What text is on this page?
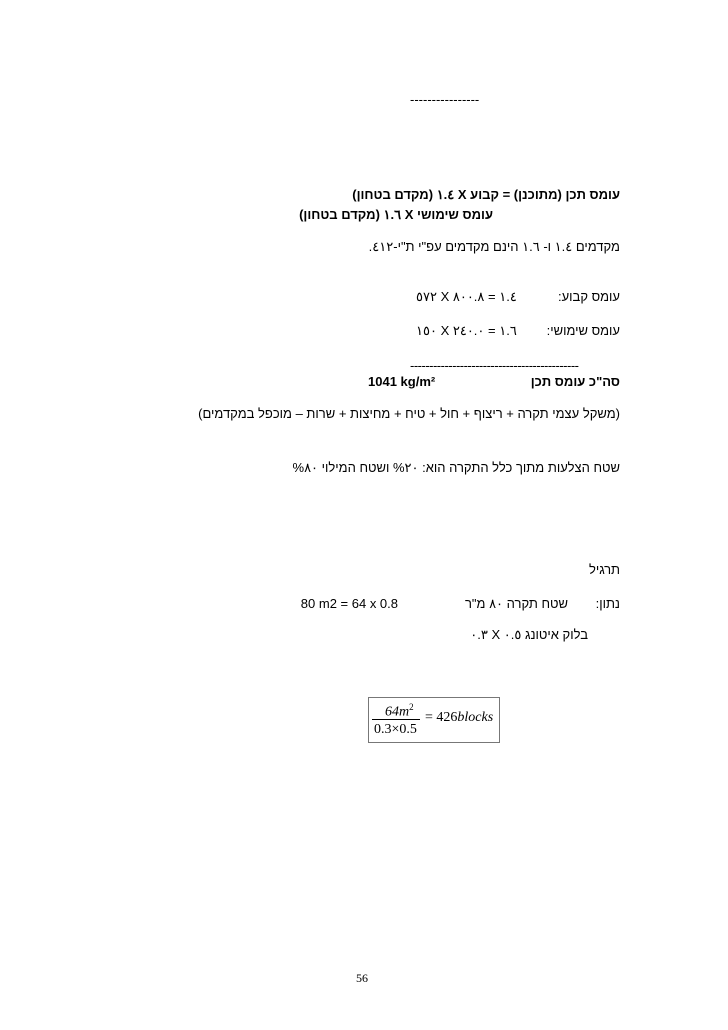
----------------
עומס תכן (מתוכנן) = קבוע X ١.٤ (מקדם בטחון)
עומס שימושי X ١.٦ (מקדם בטחון)
מקדמים ١.٤ ו- ١.٦ הינם מקדמים עפ"י ת"י-٤١٢.
עומס קבוע:
٥٧٢ X ١.٤ = ٨٠٠.٨
עומס שימושי:
١٥٠ X ١.٦ = ٢٤٠.٠
--------------------------------------------
סה"כ עומס תכן
1041 kg/m²
(משקל עצמי תקרה + ריצוף + חול + טיח + מחיצות + שרות – מוכפל במקדמים)
שטח הצלעות מתוך כלל התקרה הוא: ٢٠% ושטח המילוי ٨٠%
תרגיל
נתון:
שטח תקרה ٨٠ מ"ר
80 m2 = 64 x 0.8
בלוק איטונג ٠.٥ X ٠.٣
$64m^2$
0.3×0.5
= 426blocks
56
